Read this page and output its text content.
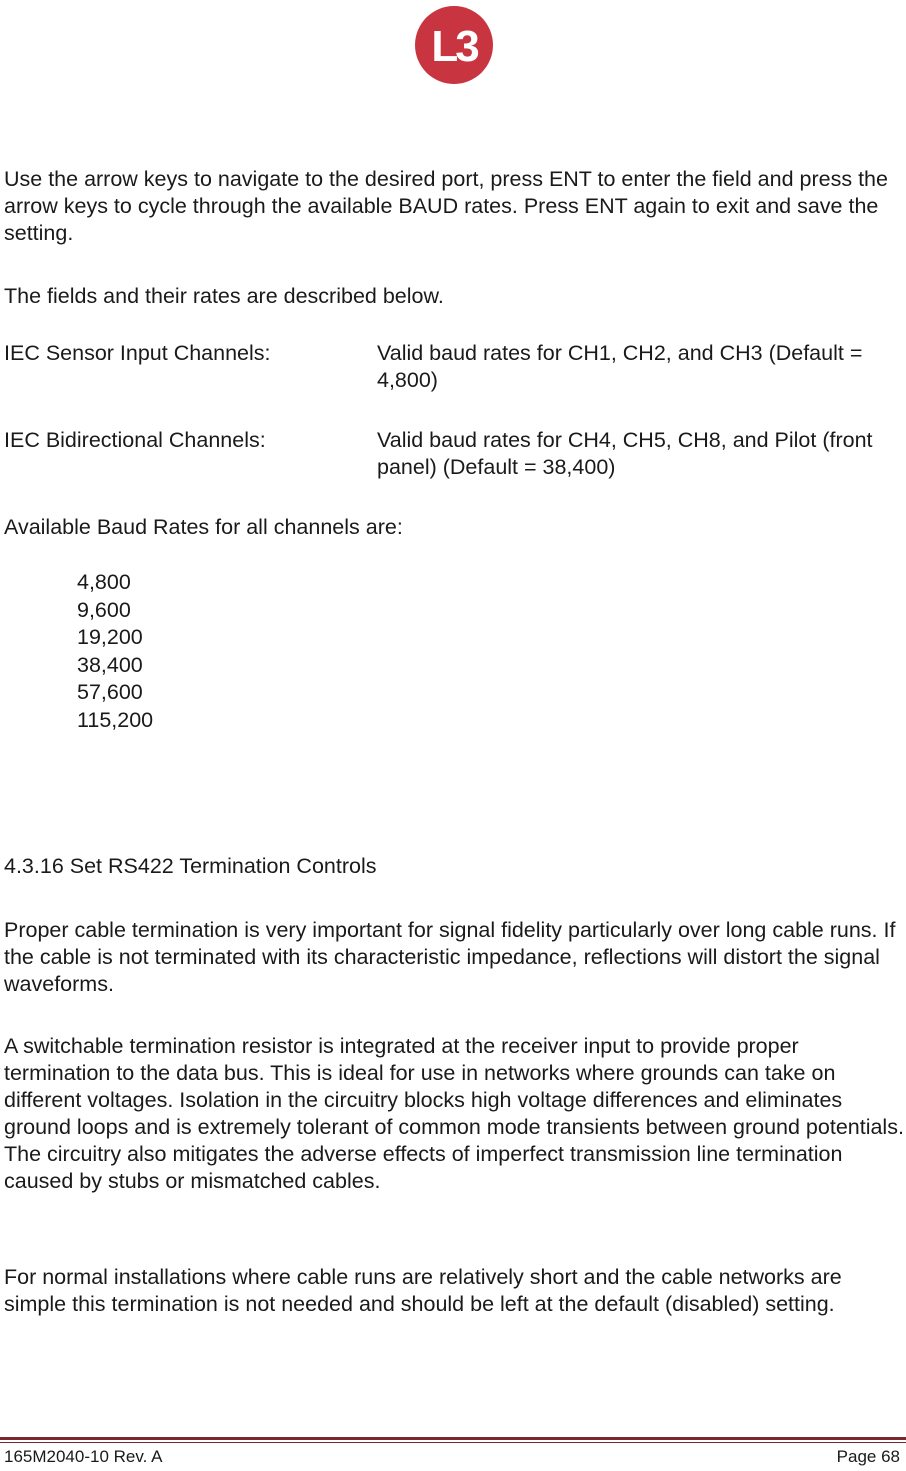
L3

Use the arrow keys to navigate to the desired port, press ENT to enter the field and press the arrow keys to cycle through the available BAUD rates. Press ENT again to exit and save the setting.

The fields and their rates are described below.

IEC Sensor Input Channels:	Valid baud rates for CH1, CH2, and CH3 (Default = 4,800)
IEC Bidirectional Channels:	Valid baud rates for CH4, CH5, CH8, and Pilot (front panel) (Default = 38,400)

Available Baud Rates for all channels are:

4,800
9,600
19,200
38,400
57,600
115,200
4.3.16 Set RS422 Termination Controls

Proper cable termination is very important for signal fidelity particularly over long cable runs. If the cable is not terminated with its characteristic impedance, reflections will distort the signal waveforms.

A switchable termination resistor is integrated at the receiver input to provide proper termination to the data bus. This is ideal for use in networks where grounds can take on different voltages. Isolation in the circuitry blocks high voltage differences and eliminates ground loops and is extremely tolerant of common mode transients between ground potentials. The circuitry also mitigates the adverse effects of imperfect transmission line termination caused by stubs or mismatched cables.

For normal installations where cable runs are relatively short and the cable networks are simple this termination is not needed and should be left at the default (disabled) setting.

165M2040-10 Rev. A	Page 68
